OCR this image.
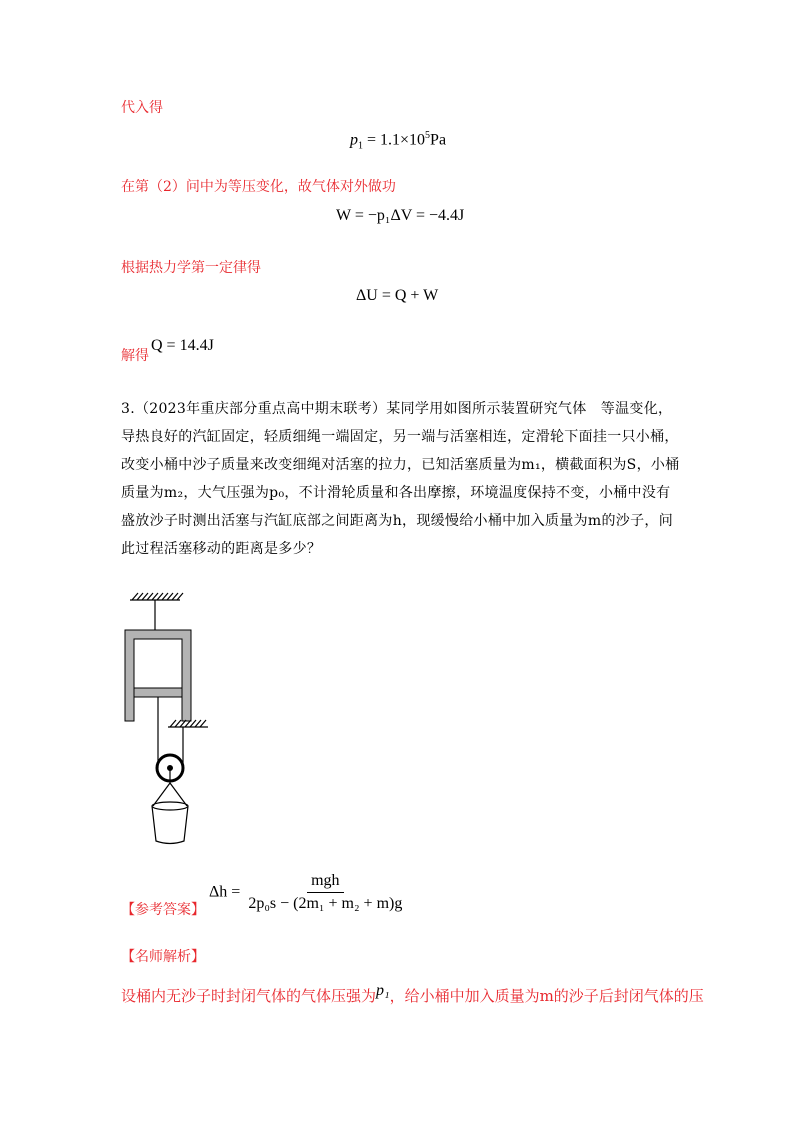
代入得
$p_1 = 1.1\times 10^5Pa$
在第（2）问中为等压变化，故气体对外做功
W = −p₁ΔV = −4.4J
根据热力学第一定律得
ΔU = Q + W
解得
Q = 14.4J
3.（2023年重庆部分重点高中期末联考）某同学用如图所示装置研究气体　等温变化，导热良好的汽缸固定，轻质细绳一端固定，另一端与活塞相连，定滑轮下面挂一只小桶，改变小桶中沙子质量来改变细绳对活塞的拉力，已知活塞质量为m₁，横截面积为S，小桶质量为m₂，大气压强为p₀，不计滑轮质量和各出摩擦，环境温度保持不变，小桶中没有盛放沙子时测出活塞与汽缸底部之间距离为h，现缓慢给小桶中加入质量为m的沙子，问此过程活塞移动的距离是多少？
【参考答案】
$\Delta h = \frac{\text{mgh}}{\text{2p₀s − (2m₁ + m₂ + m)g}}$
【名师解析】
设桶内无沙子时封闭气体的气体压强为p₁，给小桶中加入质量为m的沙子后封闭气体的压
